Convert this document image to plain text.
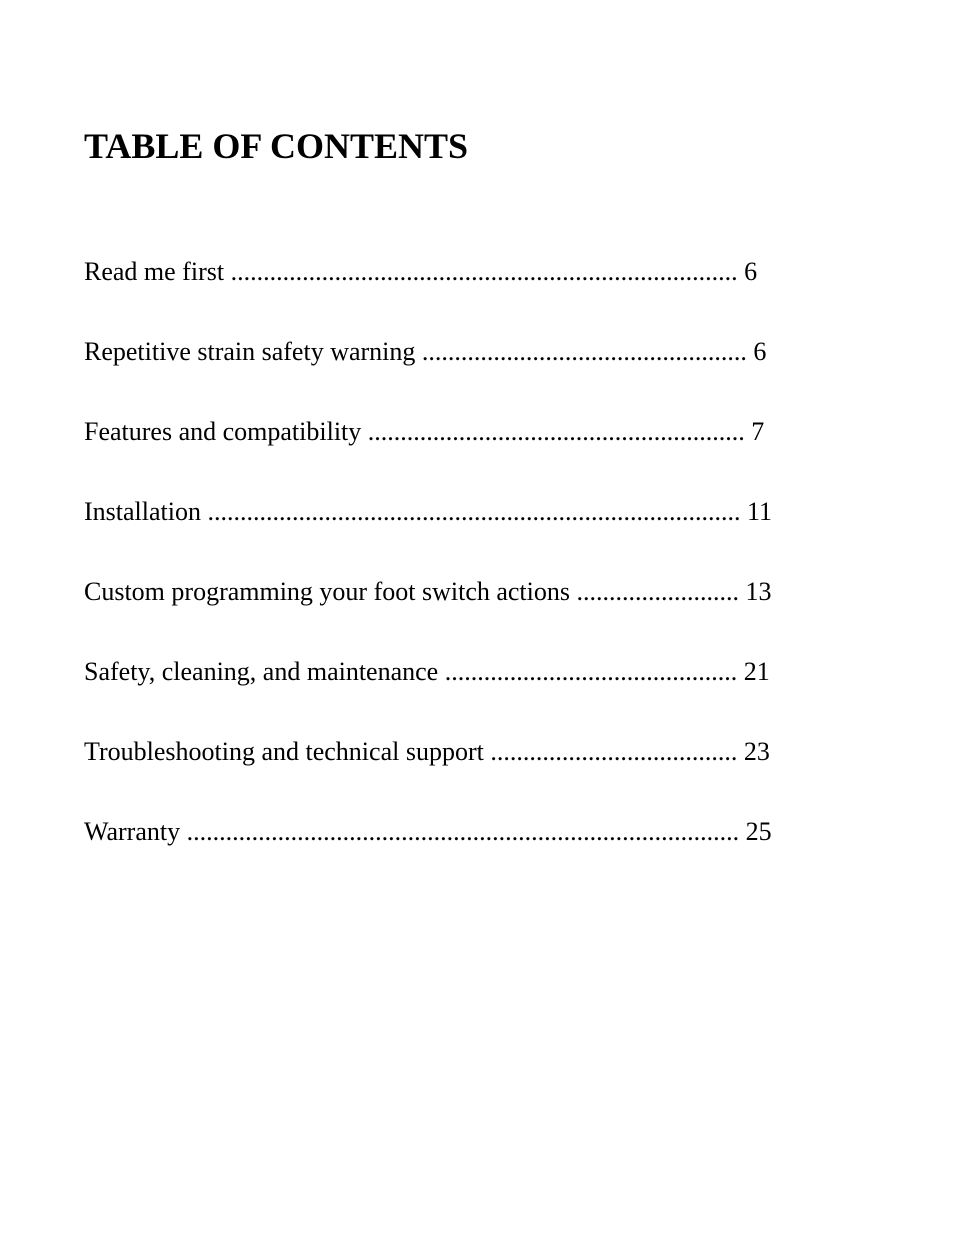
TABLE OF CONTENTS
Read me first .............................................................................. 6
Repetitive strain safety warning .................................................. 6
Features and compatibility .......................................................... 7
Installation .................................................................................. 11
Custom programming your foot switch actions ......................... 13
Safety, cleaning, and maintenance ............................................. 21
Troubleshooting and technical support ...................................... 23
Warranty ..................................................................................... 25
